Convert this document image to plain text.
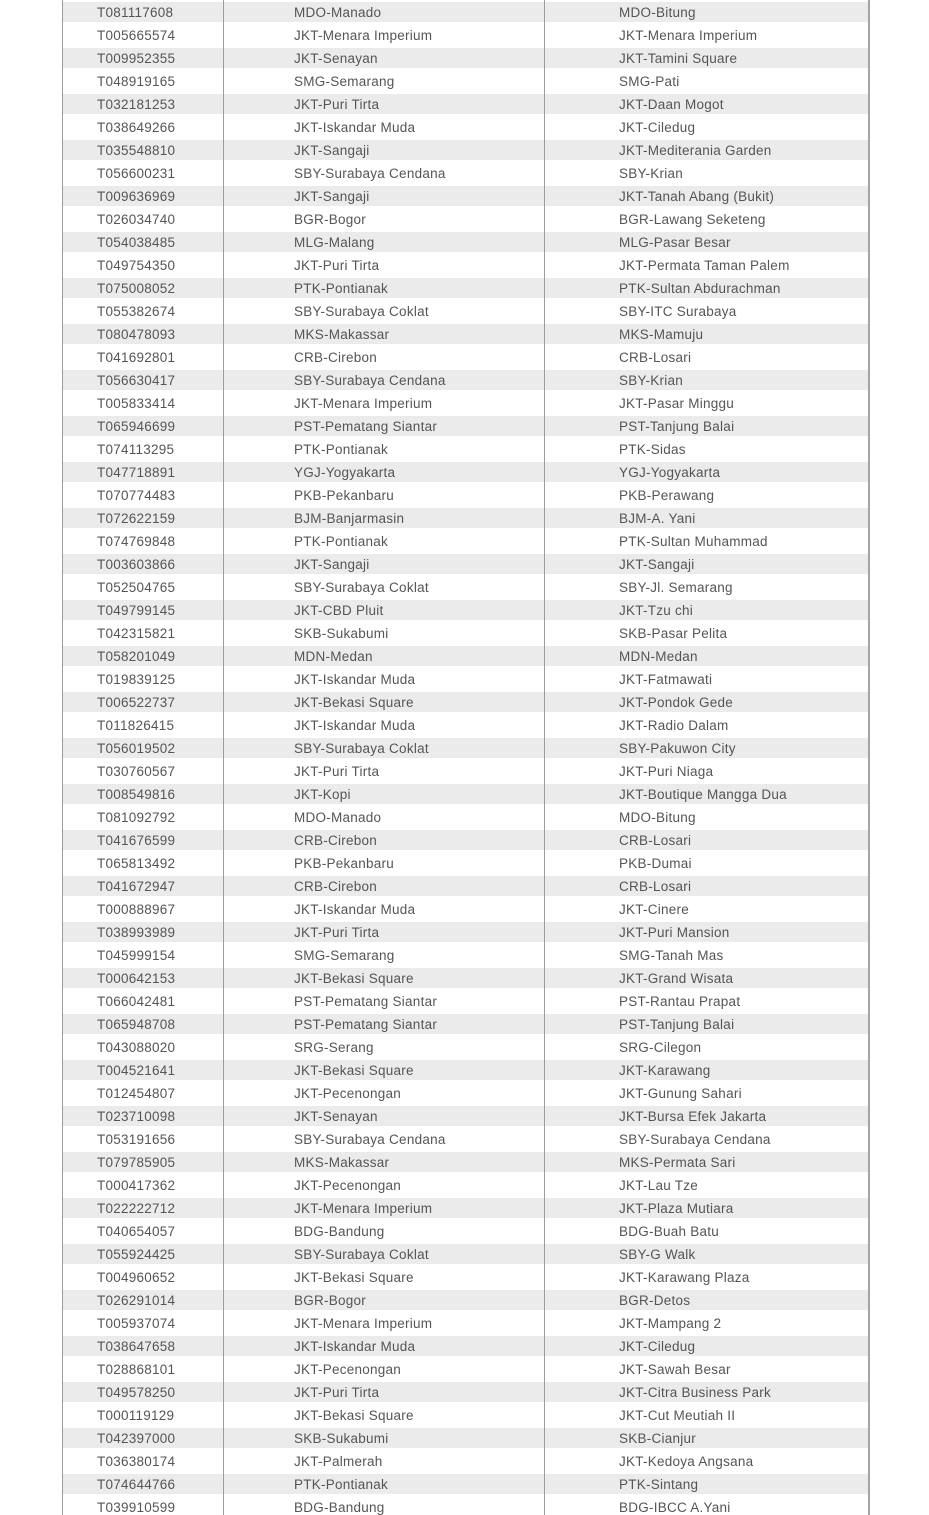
T081117608	MDO-Manado	MDO-Bitung
T005665574	JKT-Menara Imperium	JKT-Menara Imperium
T009952355	JKT-Senayan	JKT-Tamini Square
T048919165	SMG-Semarang	SMG-Pati
T032181253	JKT-Puri Tirta	JKT-Daan Mogot
T038649266	JKT-Iskandar Muda	JKT-Ciledug
T035548810	JKT-Sangaji	JKT-Mediterania Garden
T056600231	SBY-Surabaya Cendana	SBY-Krian
T009636969	JKT-Sangaji	JKT-Tanah Abang (Bukit)
T026034740	BGR-Bogor	BGR-Lawang Seketeng
T054038485	MLG-Malang	MLG-Pasar Besar
T049754350	JKT-Puri Tirta	JKT-Permata Taman Palem
T075008052	PTK-Pontianak	PTK-Sultan Abdurachman
T055382674	SBY-Surabaya Coklat	SBY-ITC Surabaya
T080478093	MKS-Makassar	MKS-Mamuju
T041692801	CRB-Cirebon	CRB-Losari
T056630417	SBY-Surabaya Cendana	SBY-Krian
T005833414	JKT-Menara Imperium	JKT-Pasar Minggu
T065946699	PST-Pematang Siantar	PST-Tanjung Balai
T074113295	PTK-Pontianak	PTK-Sidas
T047718891	YGJ-Yogyakarta	YGJ-Yogyakarta
T070774483	PKB-Pekanbaru	PKB-Perawang
T072622159	BJM-Banjarmasin	BJM-A. Yani
T074769848	PTK-Pontianak	PTK-Sultan Muhammad
T003603866	JKT-Sangaji	JKT-Sangaji
T052504765	SBY-Surabaya Coklat	SBY-Jl. Semarang
T049799145	JKT-CBD Pluit	JKT-Tzu chi
T042315821	SKB-Sukabumi	SKB-Pasar Pelita
T058201049	MDN-Medan	MDN-Medan
T019839125	JKT-Iskandar Muda	JKT-Fatmawati
T006522737	JKT-Bekasi Square	JKT-Pondok Gede
T011826415	JKT-Iskandar Muda	JKT-Radio Dalam
T056019502	SBY-Surabaya Coklat	SBY-Pakuwon City
T030760567	JKT-Puri Tirta	JKT-Puri Niaga
T008549816	JKT-Kopi	JKT-Boutique Mangga Dua
T081092792	MDO-Manado	MDO-Bitung
T041676599	CRB-Cirebon	CRB-Losari
T065813492	PKB-Pekanbaru	PKB-Dumai
T041672947	CRB-Cirebon	CRB-Losari
T000888967	JKT-Iskandar Muda	JKT-Cinere
T038993989	JKT-Puri Tirta	JKT-Puri Mansion
T045999154	SMG-Semarang	SMG-Tanah Mas
T000642153	JKT-Bekasi Square	JKT-Grand Wisata
T066042481	PST-Pematang Siantar	PST-Rantau Prapat
T065948708	PST-Pematang Siantar	PST-Tanjung Balai
T043088020	SRG-Serang	SRG-Cilegon
T004521641	JKT-Bekasi Square	JKT-Karawang
T012454807	JKT-Pecenongan	JKT-Gunung Sahari
T023710098	JKT-Senayan	JKT-Bursa Efek Jakarta
T053191656	SBY-Surabaya Cendana	SBY-Surabaya Cendana
T079785905	MKS-Makassar	MKS-Permata Sari
T000417362	JKT-Pecenongan	JKT-Lau Tze
T022222712	JKT-Menara Imperium	JKT-Plaza Mutiara
T040654057	BDG-Bandung	BDG-Buah Batu
T055924425	SBY-Surabaya Coklat	SBY-G Walk
T004960652	JKT-Bekasi Square	JKT-Karawang Plaza
T026291014	BGR-Bogor	BGR-Detos
T005937074	JKT-Menara Imperium	JKT-Mampang 2
T038647658	JKT-Iskandar Muda	JKT-Ciledug
T028868101	JKT-Pecenongan	JKT-Sawah Besar
T049578250	JKT-Puri Tirta	JKT-Citra Business Park
T000119129	JKT-Bekasi Square	JKT-Cut Meutiah II
T042397000	SKB-Sukabumi	SKB-Cianjur
T036380174	JKT-Palmerah	JKT-Kedoya Angsana
T074644766	PTK-Pontianak	PTK-Sintang
T039910599	BDG-Bandung	BDG-IBCC A.Yani
